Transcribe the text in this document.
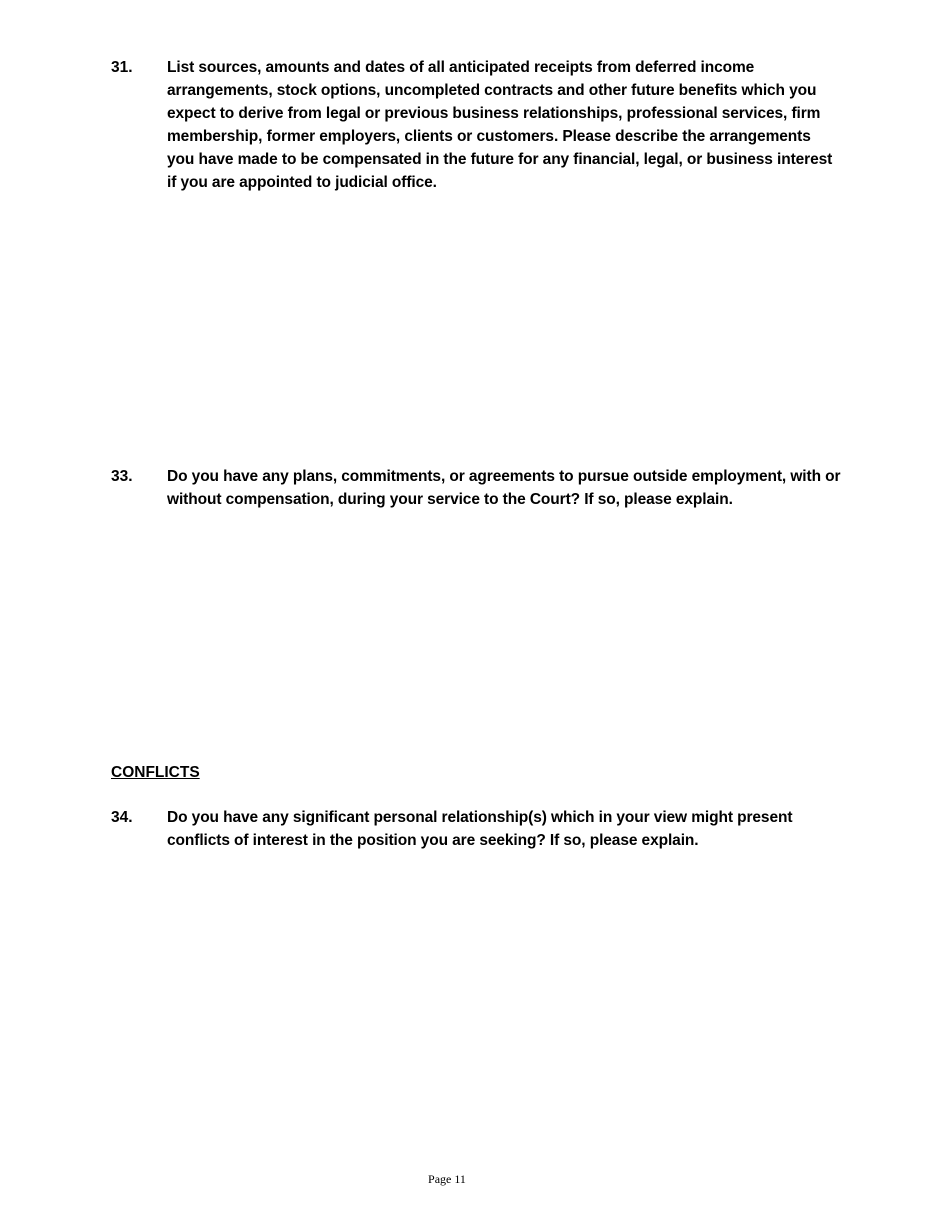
31. List sources, amounts and dates of all anticipated receipts from deferred income arrangements, stock options, uncompleted contracts and other future benefits which you expect to derive from legal or previous business relationships, professional services, firm membership, former employers, clients or customers. Please describe the arrangements you have made to be compensated in the future for any financial, legal, or business interest if you are appointed to judicial office.
33. Do you have any plans, commitments, or agreements to pursue outside employment, with or without compensation, during your service to the Court? If so, please explain.
CONFLICTS
34. Do you have any significant personal relationship(s) which in your view might present conflicts of interest in the position you are seeking? If so, please explain.
Page 11
